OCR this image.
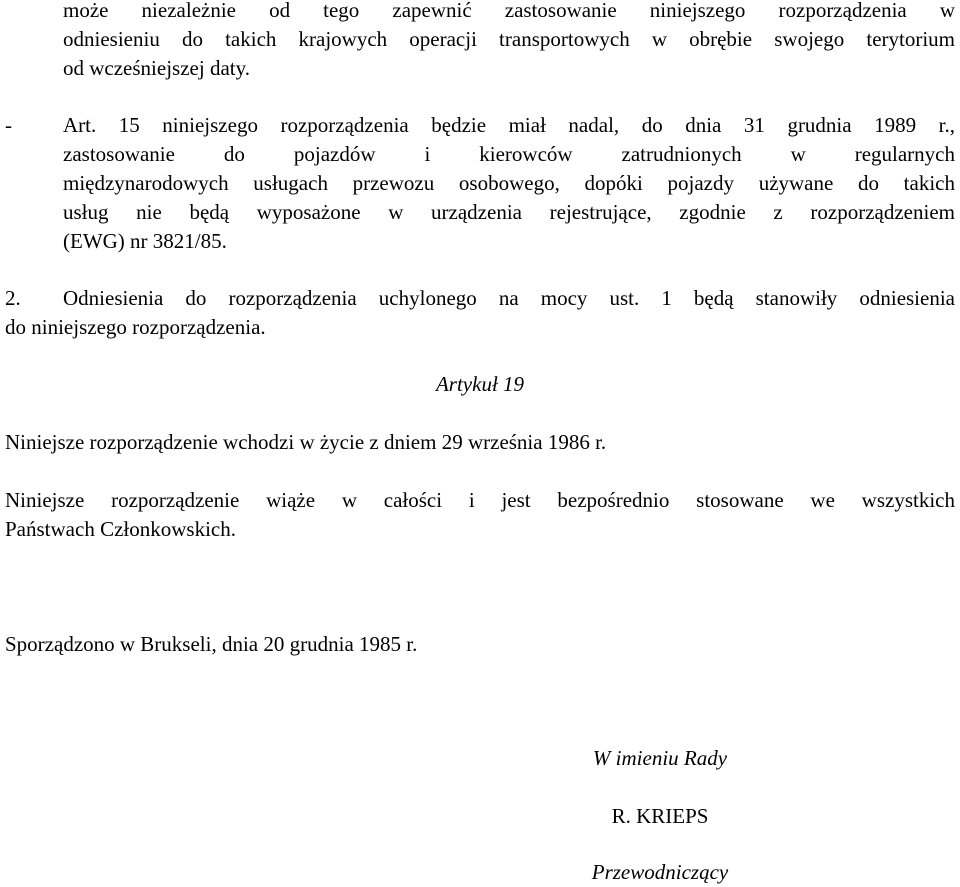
może niezależnie od tego zapewnić zastosowanie niniejszego rozporządzenia w
odniesieniu do takich krajowych operacji transportowych w obrębie swojego terytorium
od wcześniejszej daty.

- Art. 15 niniejszego rozporządzenia będzie miał nadal, do dnia 31 grudnia 1989 r.,
zastosowanie do pojazdów i kierowców zatrudnionych w regularnych
międzynarodowych usługach przewozu osobowego, dopóki pojazdy używane do takich
usług nie będą wyposażone w urządzenia rejestrujące, zgodnie z rozporządzeniem
(EWG) nr 3821/85.

2.	Odniesienia do rozporządzenia uchylonego na mocy ust. 1 będą stanowiły odniesienia
do niniejszego rozporządzenia.

Artykuł 19

Niniejsze rozporządzenie wchodzi w życie z dniem 29 września 1986 r.

Niniejsze rozporządzenie wiąże w całości i jest bezpośrednio stosowane we wszystkich
Państwach Członkowskich.

Sporządzono w Brukseli, dnia 20 grudnia 1985 r.

W imieniu Rady
R. KRIEPS
Przewodniczący
